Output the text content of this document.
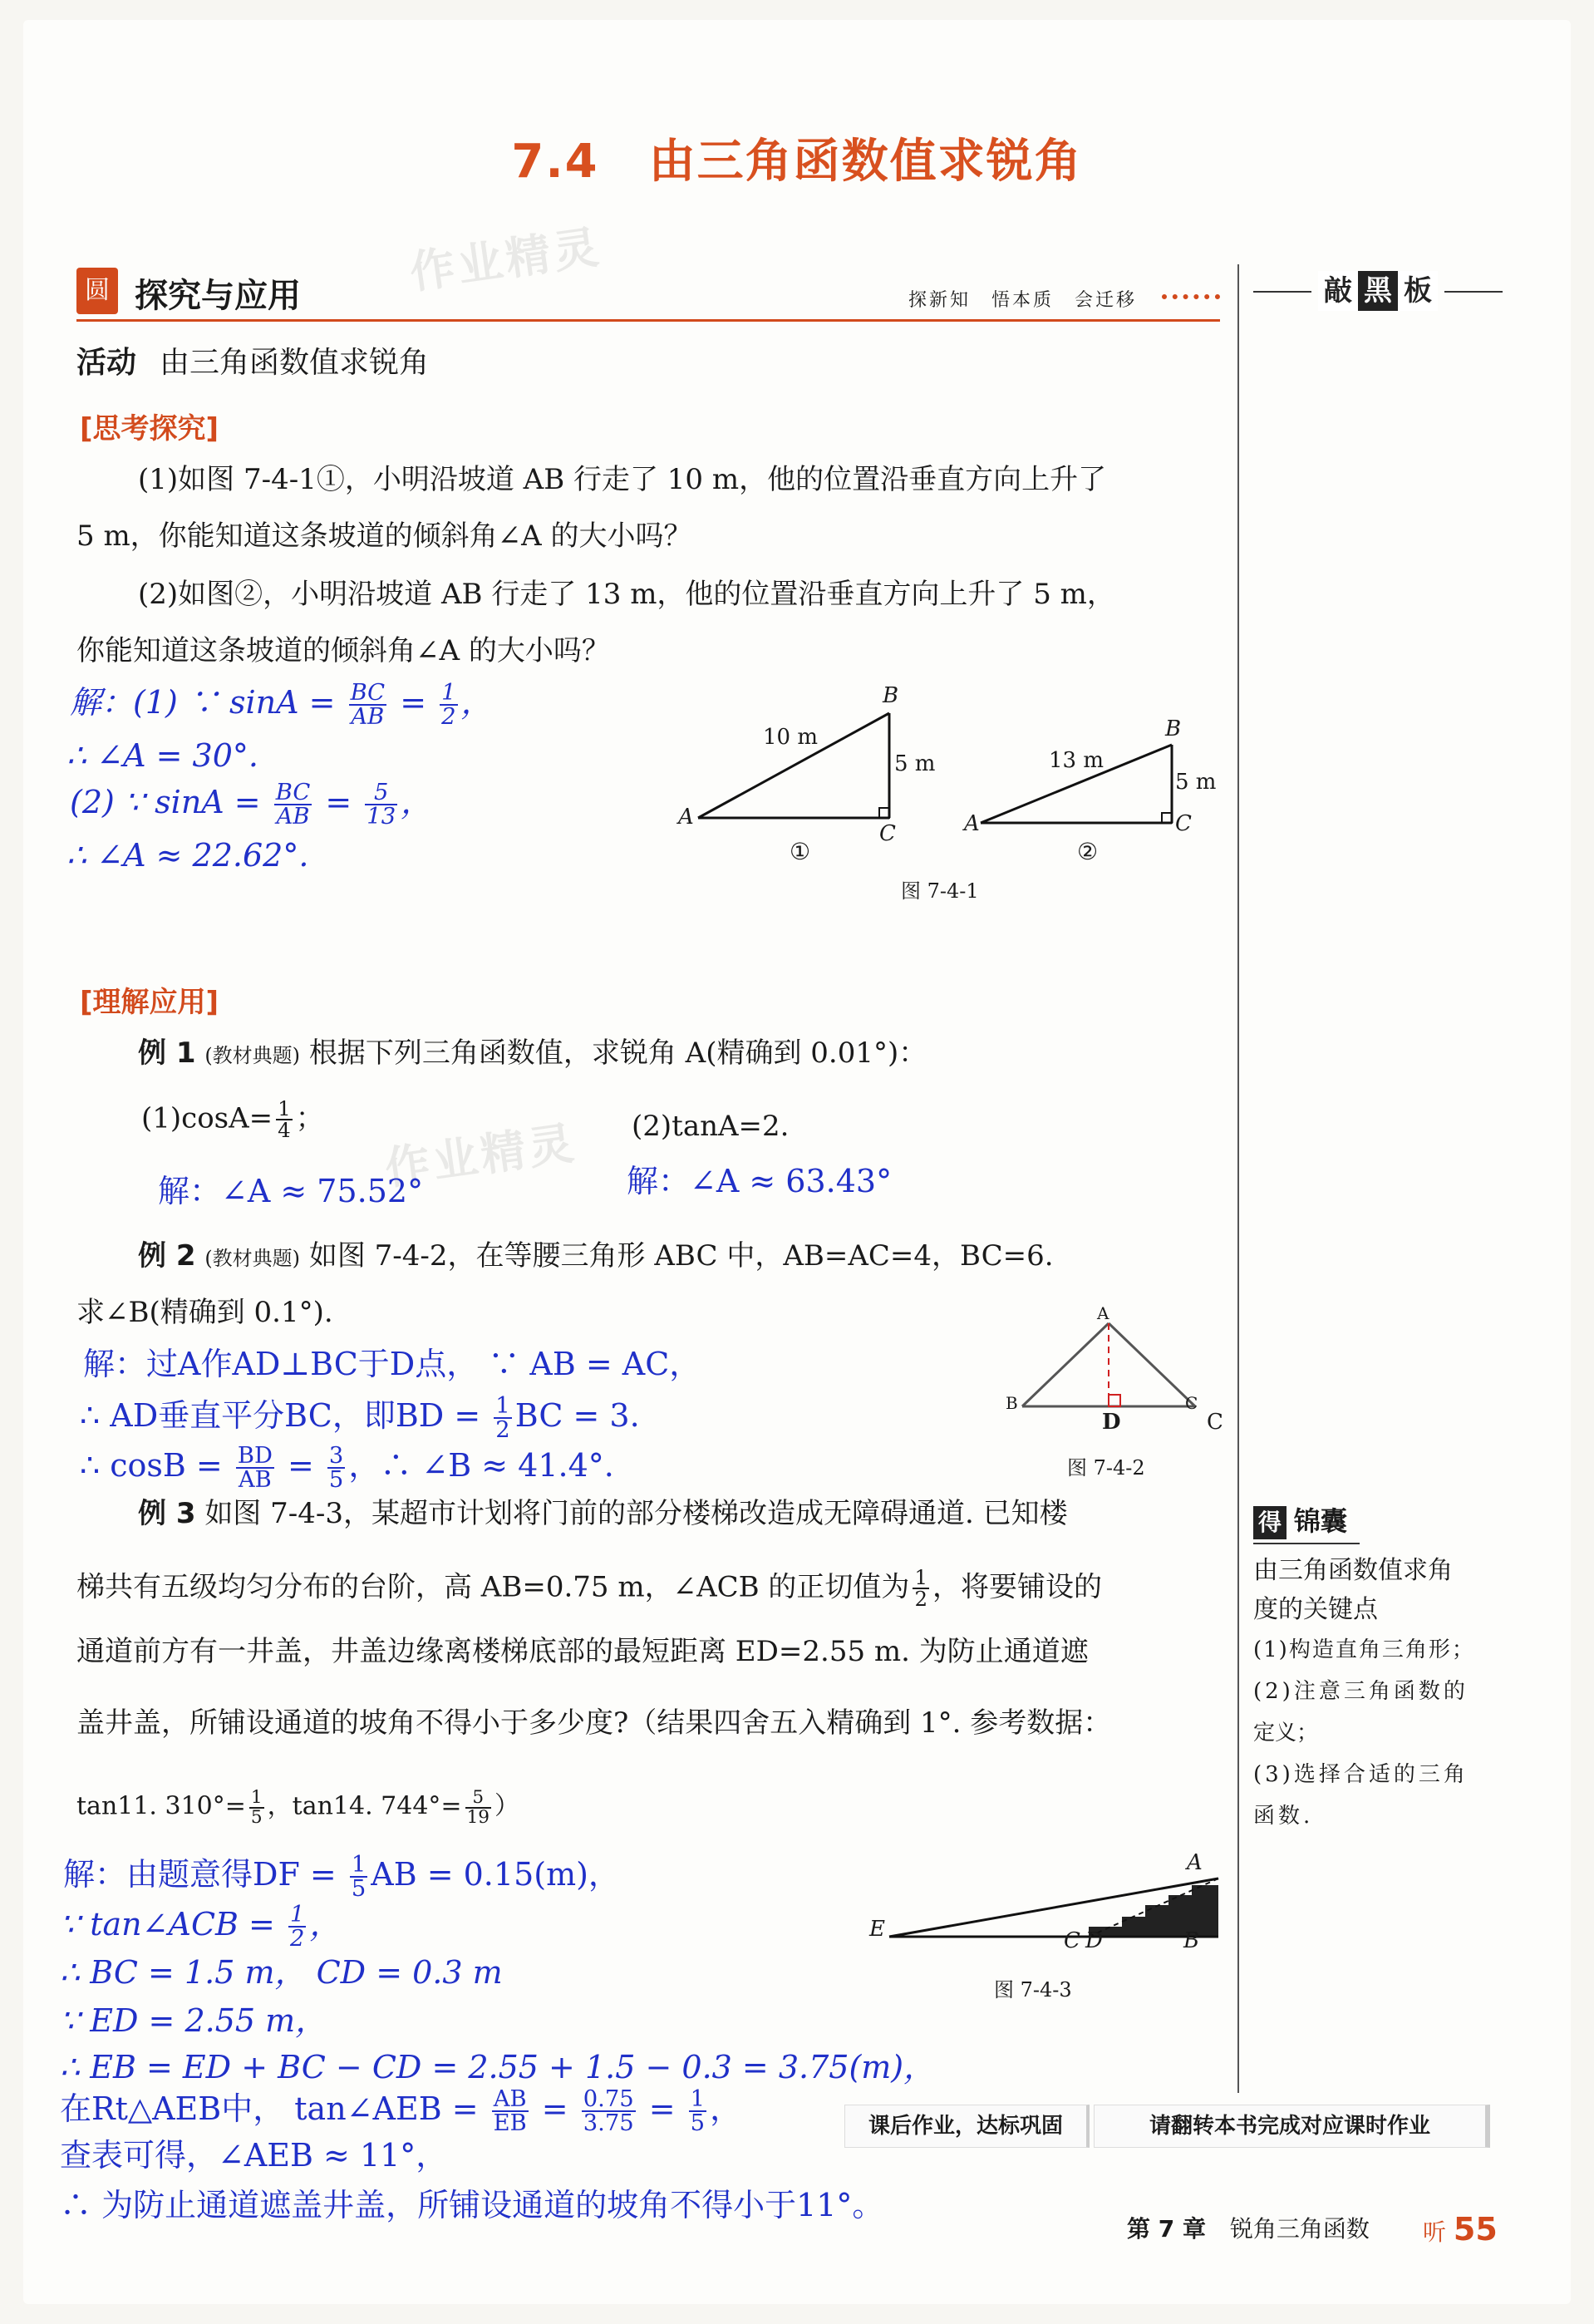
7.4 由三角函数值求锐角
作业精灵
作业精灵
圆 探究与应用	探新知　悟本质　会迁移	敲 黑 板
活动 由三角函数值求锐角
[思考探究]
(1)如图 7-4-1①，小明沿坡道 AB 行走了 10 m，他的位置沿垂直方向上升了
5 m，你能知道这条坡道的倾斜角∠A 的大小吗？
(2)如图②，小明沿坡道 AB 行走了 13 m，他的位置沿垂直方向上升了 5 m，
你能知道这条坡道的倾斜角∠A 的大小吗？
解：(1) ∵ $\sin A = \frac{BC}{AB} = \frac{1}{2}$ ，
∴ ∠A = 30°.
(2) ∵ $\sin A = \frac{BC}{AB} = \frac{5}{13}$ ，
∴ ∠A ≈ 22.62°.
A
B
C
10 m
5 m
①
A
B
C
13 m
5 m
②
图 7-4-1
[理解应用]
例 1 (教材典题) 根据下列三角函数值，求锐角 A(精确到 0.01°)：
$(1)\cos A= \frac{1}{4}$ ；	(2)tanA=2.
解：∠A ≈ 75.52°	解：∠A ≈ 63.43°
例 2 (教材典题) 如图 7-4-2，在等腰三角形 ABC 中，AB=AC=4，BC=6.
求∠B(精确到 0.1°).
解：过A作AD⊥BC于D点， ∵ AB = AC，
∴ AD垂直平分BC，即BD = $\frac{1}{2}$ BC = 3.
∴ $\cos B = \frac{BD}{AB} = \frac{3}{5}$ ，∴ ∠B ≈ 41.4°.
A
B	C
C
D
图 7-4-2
例 3 如图 7-4-3，某超市计划将门前的部分楼梯改造成无障碍通道. 已知楼
梯共有五级均匀分布的台阶，高 AB=0.75 m，∠ACB 的正切值为 $\frac{1}{2}$ ，将要铺设的
通道前方有一井盖，井盖边缘离楼梯底部的最短距离 ED=2.55 m. 为防止通道遮
盖井盖，所铺设通道的坡角不得小于多少度?（结果四舍五入精确到 1°. 参考数据：
tan11. $310^\circ= \frac{1}{5}$ ，tan14. $744^\circ= \frac{5}{19}$ ）
解：由题意得DF = $\frac{1}{5}$ AB = 0.15(m)，
∵ tan∠ACB = $\frac{1}{2}$ ，
∴ BC = 1.5 m， CD = 0.3 m
∵ ED = 2.55 m，
∴ EB = ED + BC − CD = 2.55 + 1.5 − 0.3 = 3.75(m)，
在Rt△AEB中， tan∠AEB = $\frac{AB}{EB} = \frac{0.75}{3.75} = \frac{1}{5}$ ，
查表可得，∠AEB ≈ 11°，
∴ 为防止通道遮盖井盖，所铺设通道的坡角不得小于11°。
E	C D	B
A
图 7-4-3
得 锦囊
由三角函数值求角
度的关键点
(1)构造直角三角形；
(2)注意三角函数的
定义；
(3)选择合适的三角
函数.
课后作业，达标巩固	请翻转本书完成对应课时作业
第 7 章 锐角三角函数 听 55
